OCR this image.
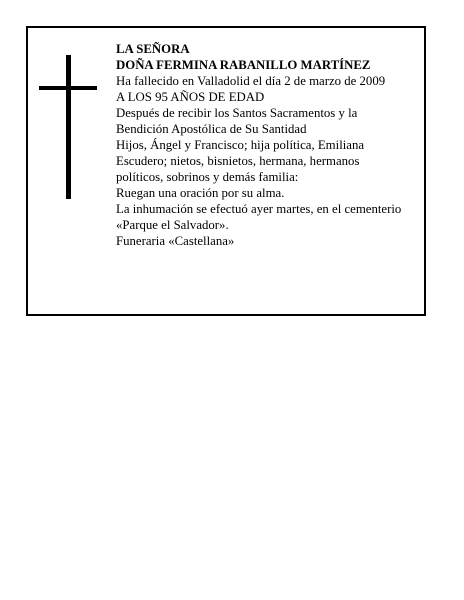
LA SEÑORA
DOÑA FERMINA RABANILLO MARTÍNEZ
Ha fallecido en Valladolid el día 2 de marzo de 2009
A LOS 95 AÑOS DE EDAD
Después de recibir los Santos Sacramentos y la
Bendición Apostólica de Su Santidad
Hijos, Ángel y Francisco; hija política, Emiliana
Escudero; nietos, bisnietos, hermana, hermanos
políticos, sobrinos y demás familia:
Ruegan una oración por su alma.
La inhumación se efectuó ayer martes, en el cementerio
«Parque el Salvador».
Funeraria «Castellana»
